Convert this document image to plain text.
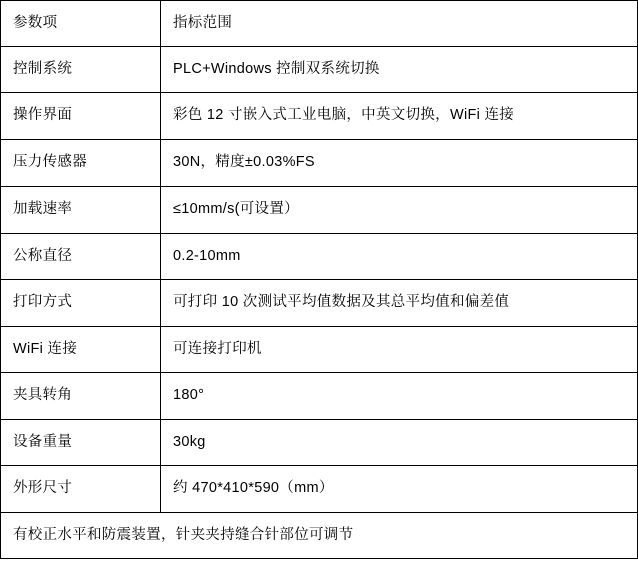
参数项	指标范围
控制系统	PLC+Windows 控制双系统切换
操作界面	彩色 12 寸嵌入式工业电脑，中英文切换，WiFi 连接
压力传感器	30N，精度±0.03%FS
加载速率	≤10mm/s(可设置）
公称直径	0.2-10mm
打印方式	可打印 10 次测试平均值数据及其总平均值和偏差值
WiFi 连接	可连接打印机
夹具转角	180°
设备重量	30kg
外形尺寸	约 470*410*590（mm）
有校正水平和防震装置，针夹夹持缝合针部位可调节	
